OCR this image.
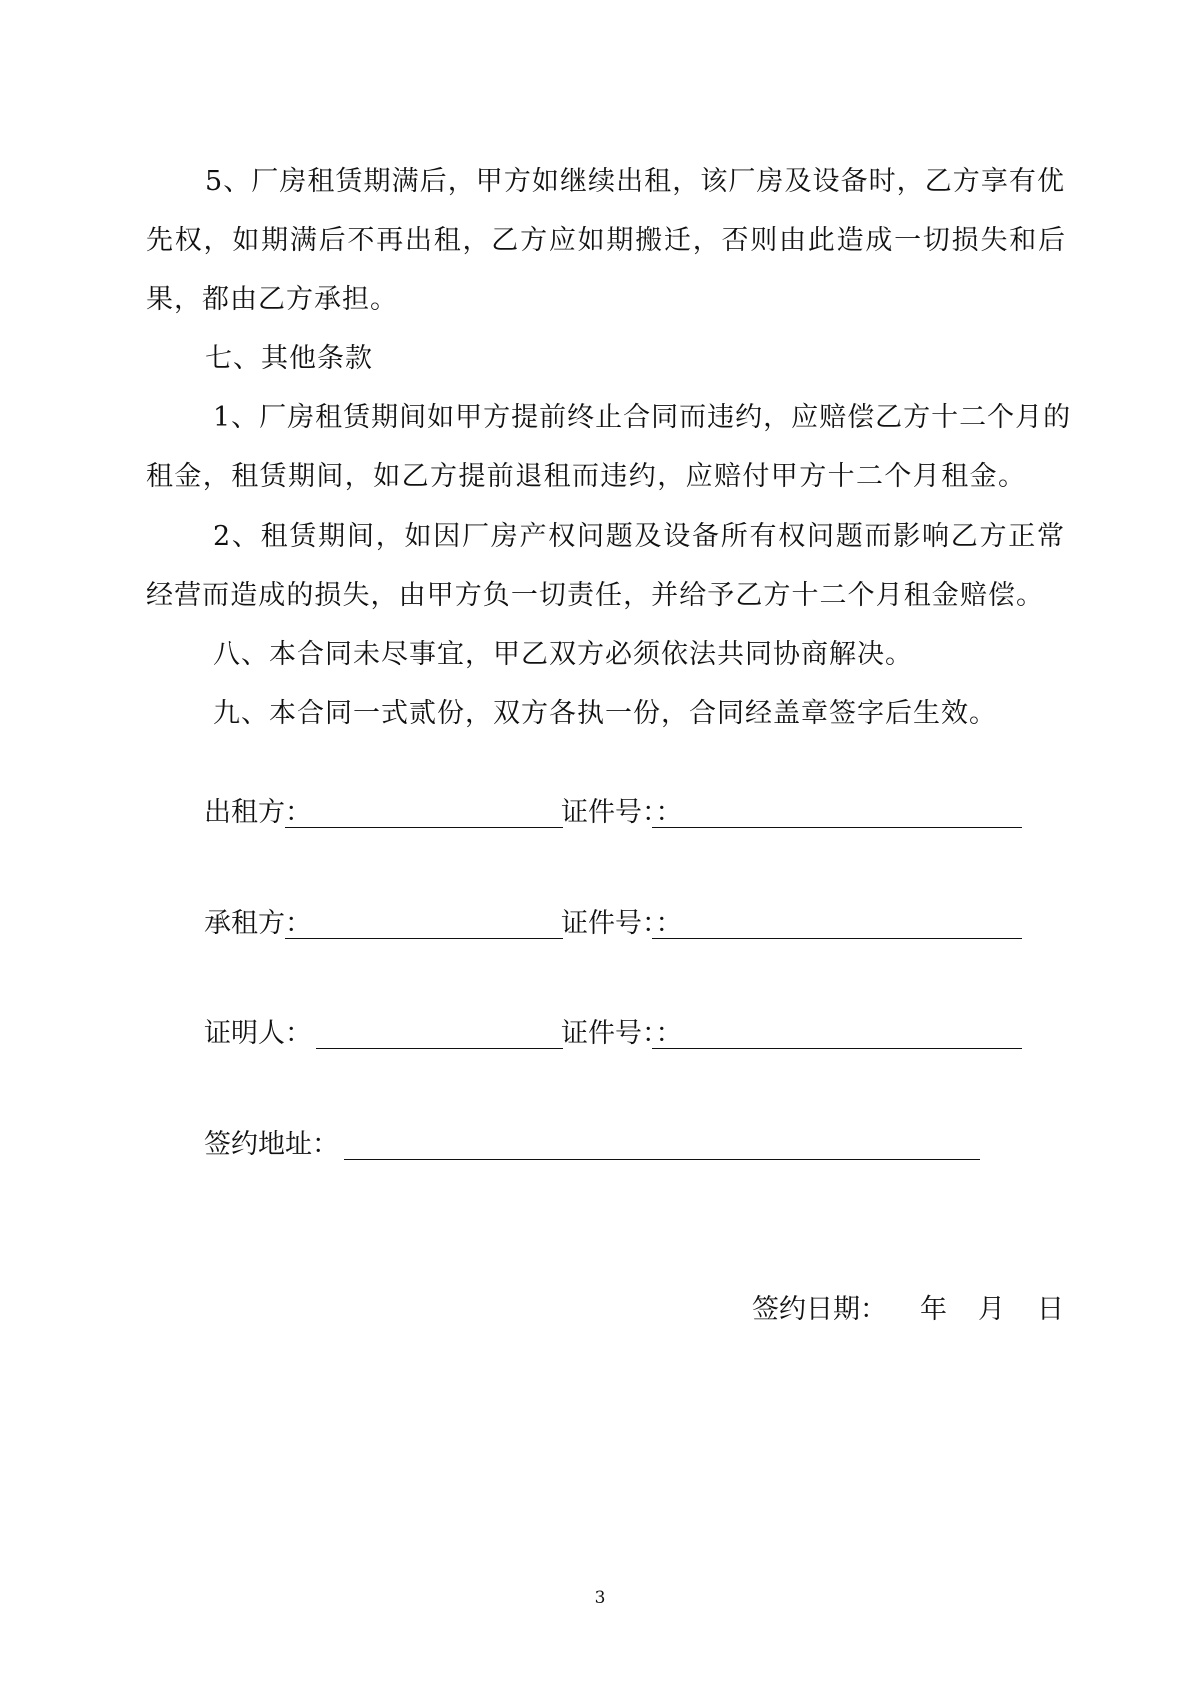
5、厂房租赁期满后，甲方如继续出租，该厂房及设备时，乙方享有优
先权，如期满后不再出租，乙方应如期搬迁，否则由此造成一切损失和后
果，都由乙方承担。
七、其他条款
1、厂房租赁期间如甲方提前终止合同而违约，应赔偿乙方十二个月的
租金，租赁期间，如乙方提前退租而违约，应赔付甲方十二个月租金。
2、租赁期间，如因厂房产权问题及设备所有权问题而影响乙方正常
经营而造成的损失，由甲方负一切责任，并给予乙方十二个月租金赔偿。
八、本合同未尽事宜，甲乙双方必须依法共同协商解决。
九、本合同一式贰份，双方各执一份，合同经盖章签字后生效。
出租方 ：	证件号：：
承租方 ：	证件号：：
证明人 ：	证件号：：
签约地址：
签约日期： 年 月 日
3
